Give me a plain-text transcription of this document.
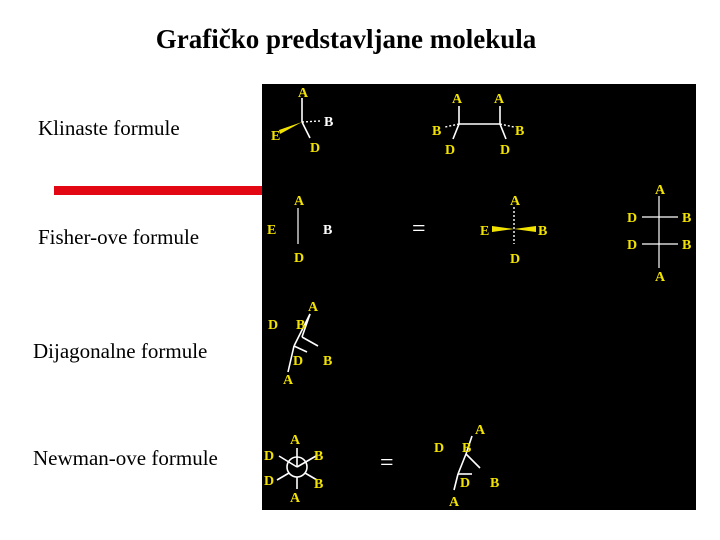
Grafičko predstavljane molekula
Klinaste formule
Fisher-ove formule
Dijagonalne formule
Newman-ove formule
A
B
D
E
A A
B	B
D	D
A
B
D
E	=
A
B
D
E
A
D	B
D	B
A
A
D B
D B
A
A
D	B
D	B
A
=
A
D B
D B
A
